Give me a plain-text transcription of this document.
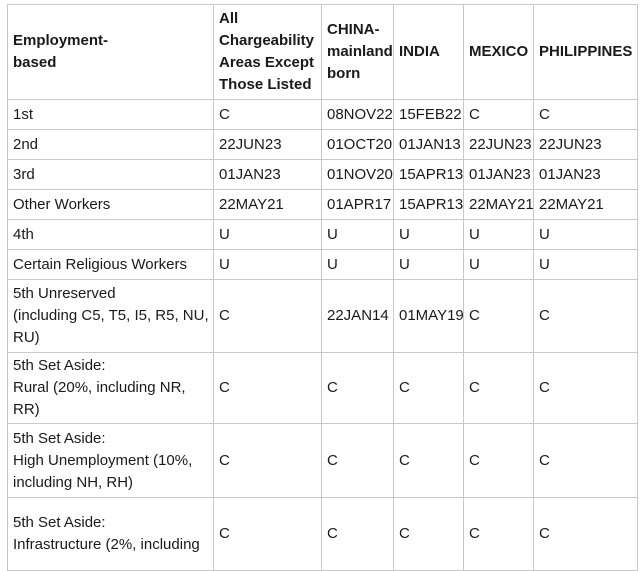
Employment-
based	All
Chargeability
Areas Except
Those Listed	CHINA-
mainland
born	INDIA	MEXICO	PHILIPPINES
1st	C	08NOV22	15FEB22	C	C
2nd	22JUN23	01OCT20	01JAN13	22JUN23	22JUN23
3rd	01JAN23	01NOV20	15APR13	01JAN23	01JAN23
Other Workers	22MAY21	01APR17	15APR13	22MAY21	22MAY21
4th	U	U	U	U	U
Certain Religious Workers	U	U	U	U	U
5th Unreserved
(including C5, T5, I5, R5, NU, RU)	C	22JAN14	01MAY19	C	C
5th Set Aside:
Rural (20%, including NR, RR)	C	C	C	C	C
5th Set Aside:
High Unemployment (10%, including NH, RH)	C	C	C	C	C
5th Set Aside:
Infrastructure (2%, including	C	C	C	C	C
